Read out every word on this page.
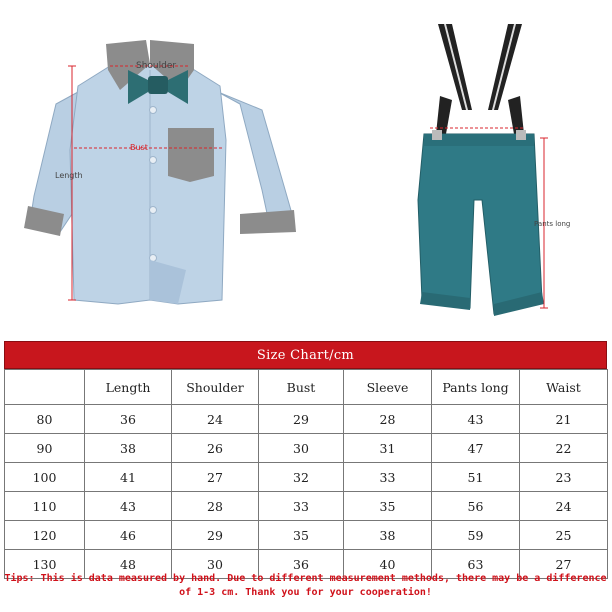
Shoulder
Bust
Length
Pants long
Size Chart/cm
	Length	Shoulder	Bust	Sleeve	Pants long	Waist
80	36	24	29	28	43	21
90	38	26	30	31	47	22
100	41	27	32	33	51	23
110	43	28	33	35	56	24
120	46	29	35	38	59	25
130	48	30	36	40	63	27
Tips: This is data measured by hand. Due to different measurement methods, there may be a difference
of 1-3 cm. Thank you for your cooperation!
